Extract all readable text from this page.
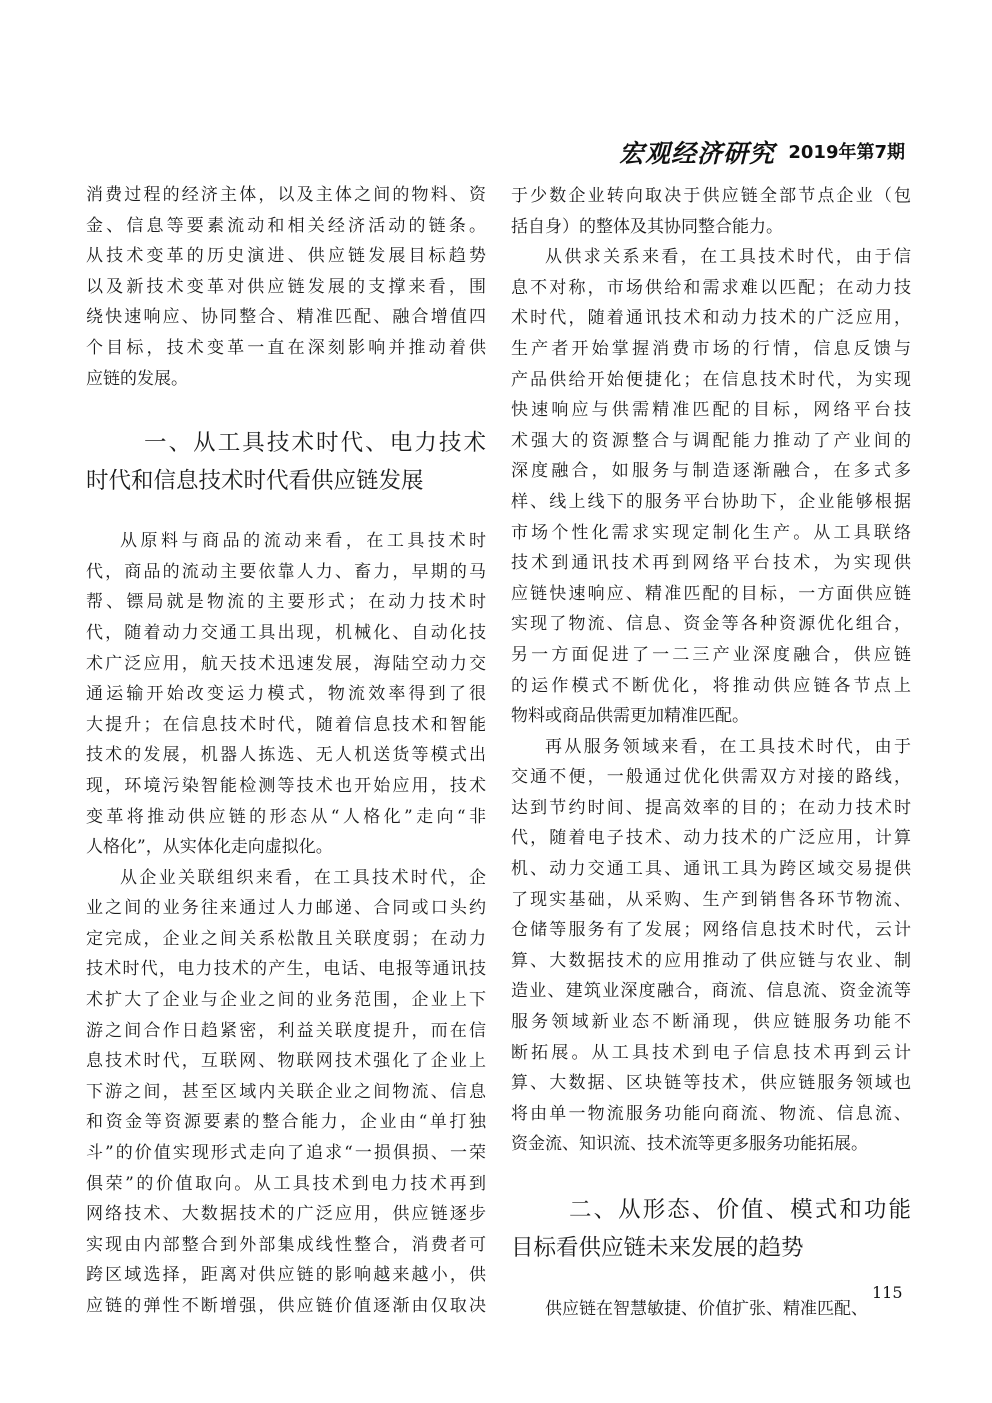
宏观经济研究 2019年第7期
消费过程的经济主体，以及主体之间的物料、资
金、信息等要素流动和相关经济活动的链条。
从技术变革的历史演进、供应链发展目标趋势
以及新技术变革对供应链发展的支撑来看，围
绕快速响应、协同整合、精准匹配、融合增值四
个目标，技术变革一直在深刻影响并推动着供
应链的发展。
一、从工具技术时代、电力技术
时代和信息技术时代看供应链发展
从原料与商品的流动来看，在工具技术时
代，商品的流动主要依靠人力、畜力，早期的马
帮、镖局就是物流的主要形式；在动力技术时
代，随着动力交通工具出现，机械化、自动化技
术广泛应用，航天技术迅速发展，海陆空动力交
通运输开始改变运力模式，物流效率得到了很
大提升；在信息技术时代，随着信息技术和智能
技术的发展，机器人拣选、无人机送货等模式出
现，环境污染智能检测等技术也开始应用，技术
变革将推动供应链的形态从“人格化”走向“非
人格化”，从实体化走向虚拟化。
从企业关联组织来看，在工具技术时代，企
业之间的业务往来通过人力邮递、合同或口头约
定完成，企业之间关系松散且关联度弱；在动力
技术时代，电力技术的产生，电话、电报等通讯技
术扩大了企业与企业之间的业务范围，企业上下
游之间合作日趋紧密，利益关联度提升，而在信
息技术时代，互联网、物联网技术强化了企业上
下游之间，甚至区域内关联企业之间物流、信息
和资金等资源要素的整合能力，企业由“单打独
斗”的价值实现形式走向了追求“一损俱损、一荣
俱荣”的价值取向。从工具技术到电力技术再到
网络技术、大数据技术的广泛应用，供应链逐步
实现由内部整合到外部集成线性整合，消费者可
跨区域选择，距离对供应链的影响越来越小，供
应链的弹性不断增强，供应链价值逐渐由仅取决
于少数企业转向取决于供应链全部节点企业（包
括自身）的整体及其协同整合能力。
从供求关系来看，在工具技术时代，由于信
息不对称，市场供给和需求难以匹配；在动力技
术时代，随着通讯技术和动力技术的广泛应用，
生产者开始掌握消费市场的行情，信息反馈与
产品供给开始便捷化；在信息技术时代，为实现
快速响应与供需精准匹配的目标，网络平台技
术强大的资源整合与调配能力推动了产业间的
深度融合，如服务与制造逐渐融合，在多式多
样、线上线下的服务平台协助下，企业能够根据
市场个性化需求实现定制化生产。从工具联络
技术到通讯技术再到网络平台技术，为实现供
应链快速响应、精准匹配的目标，一方面供应链
实现了物流、信息、资金等各种资源优化组合，
另一方面促进了一二三产业深度融合，供应链
的运作模式不断优化，将推动供应链各节点上
物料或商品供需更加精准匹配。
再从服务领域来看，在工具技术时代，由于
交通不便，一般通过优化供需双方对接的路线，
达到节约时间、提高效率的目的；在动力技术时
代，随着电子技术、动力技术的广泛应用，计算
机、动力交通工具、通讯工具为跨区域交易提供
了现实基础，从采购、生产到销售各环节物流、
仓储等服务有了发展；网络信息技术时代，云计
算、大数据技术的应用推动了供应链与农业、制
造业、建筑业深度融合，商流、信息流、资金流等
服务领域新业态不断涌现，供应链服务功能不
断拓展。从工具技术到电子信息技术再到云计
算、大数据、区块链等技术，供应链服务领域也
将由单一物流服务功能向商流、物流、信息流、
资金流、知识流、技术流等更多服务功能拓展。
二、从形态、价值、模式和功能
目标看供应链未来发展的趋势
供应链在智慧敏捷、价值扩张、精准匹配、
115
